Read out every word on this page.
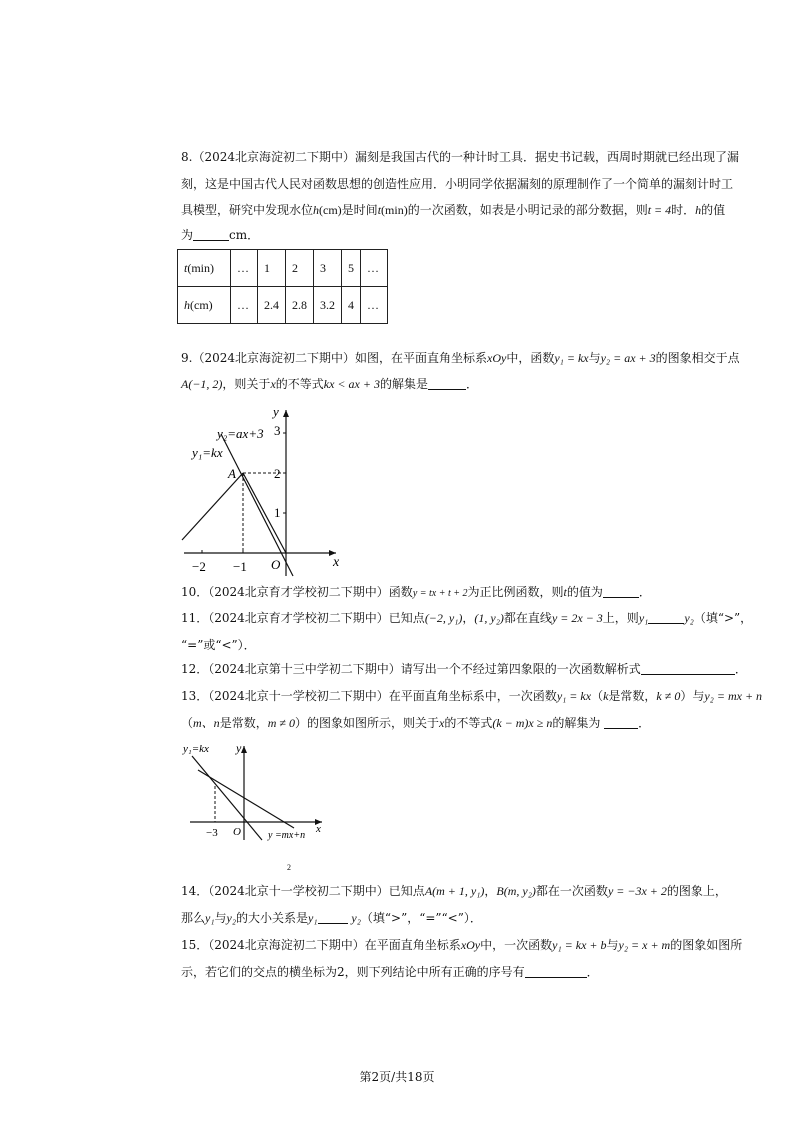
8.（2024北京海淀初二下期中）漏刻是我国古代的一种计时工具．据史书记载，西周时期就已经出现了漏
刻，这是中国古代人民对函数思想的创造性应用．小明同学依据漏刻的原理制作了一个简单的漏刻计时工
具模型，研究中发现水位h(cm)是时间t(min)的一次函数，如表是小明记录的部分数据，则t = 4时．h的值
为	cm．
t(min)	…	1	2	3	5	…
h(cm)	…	2.4	2.8	3.2	4	…
9.（2024北京海淀初二下期中）如图，在平面直角坐标系xOy中，函数y₁ = kx与y₂ = ax + 3的图象相交于点
A(−1, 2)，则关于x的不等式kx < ax + 3的解集是	．
y₂=ax+3
y₁=kx
A
O	x
y
−2 −1
1
2
3
10．（2024北京育才学校初二下期中）函数y = tx + t + 2为正比例函数，则t的值为	．
11．（2024北京育才学校初二下期中）已知点(−2, y₁)，(1, y₂)都在直线y = 2x − 3上，则y₁	y₂（填“>”，
“=”或“<”）．
12．（2024北京第十三中学初二下期中）请写出一个不经过第四象限的一次函数解析式	．
13．（2024北京十一学校初二下期中）在平面直角坐标系中，一次函数y₁ = kx（k是常数，k ≠ 0）与y₂ = mx + n
（m、n是常数，m ≠ 0）的图象如图所示，则关于x的不等式(k − m)x ≥ n的解集为	．
y₁=kx y
−3 O	y =mx+n
x
2
14．（2024北京十一学校初二下期中）已知点A(m + 1, y₁)，B(m, y₂)都在一次函数y = −3x + 2的图象上，
那么y₁与y₂的大小关系是y₁	y₂（填“>”，“=”“<”）．
15．（2024北京海淀初二下期中）在平面直角坐标系xOy中，一次函数y₁ = kx + b与y₂ = x + m的图象如图所
示，若它们的交点的横坐标为2，则下列结论中所有正确的序号有	．
第2页/共18页
